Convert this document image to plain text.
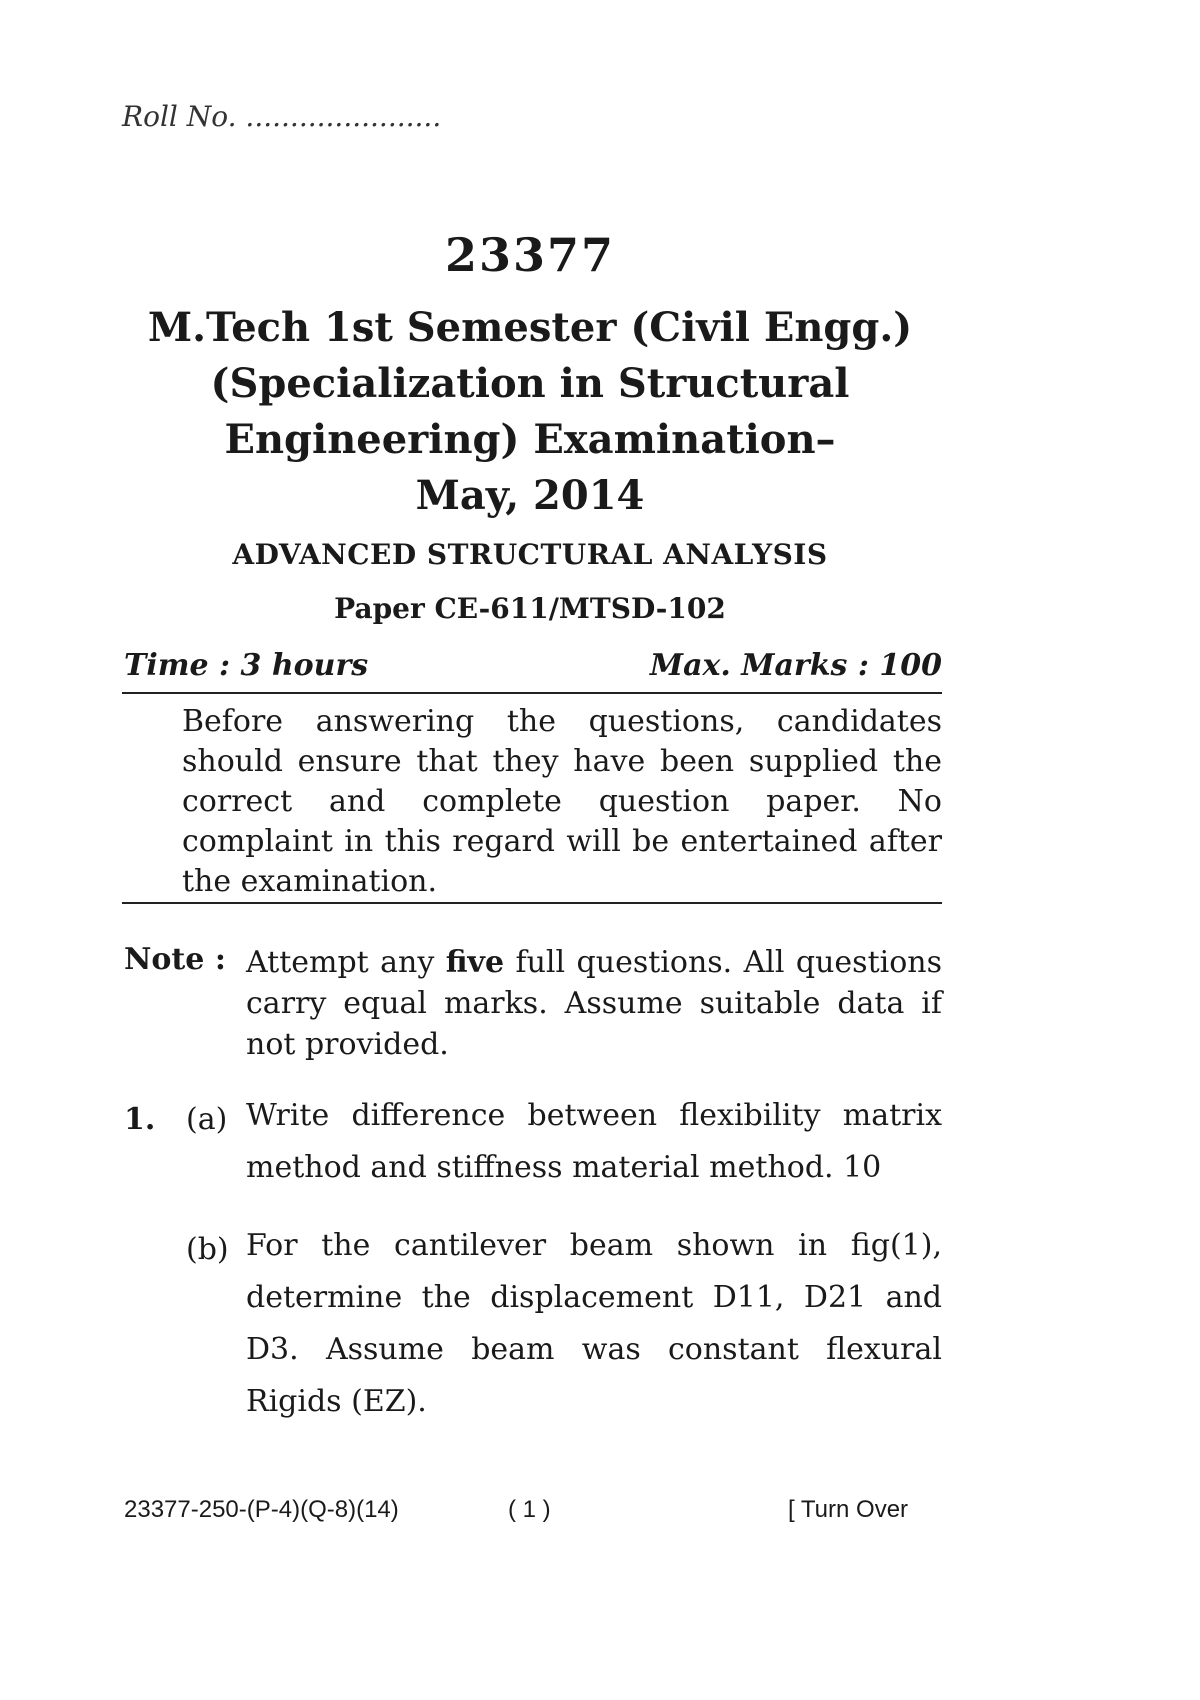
Roll No. ......................
23377
M.Tech 1st Semester (Civil Engg.)
(Specialization in Structural
Engineering) Examination–
May, 2014
ADVANCED STRUCTURAL ANALYSIS
Paper CE-611/MTSD-102
Time : 3 hours	Max. Marks : 100
Before answering the questions, candidates should ensure that they have been supplied the correct and complete question paper. No complaint in this regard will be entertained after the examination.
Note : Attempt any five full questions. All questions carry equal marks. Assume suitable data if not provided.
1. (a) Write difference between flexibility matrix method and stiffness material method. 10
(b) For the cantilever beam shown in fig(1), determine the displacement D11, D21 and D3. Assume beam was constant flexural Rigids (EZ).
23377-250-(P-4)(Q-8)(14)	( 1 )	[ Turn Over
